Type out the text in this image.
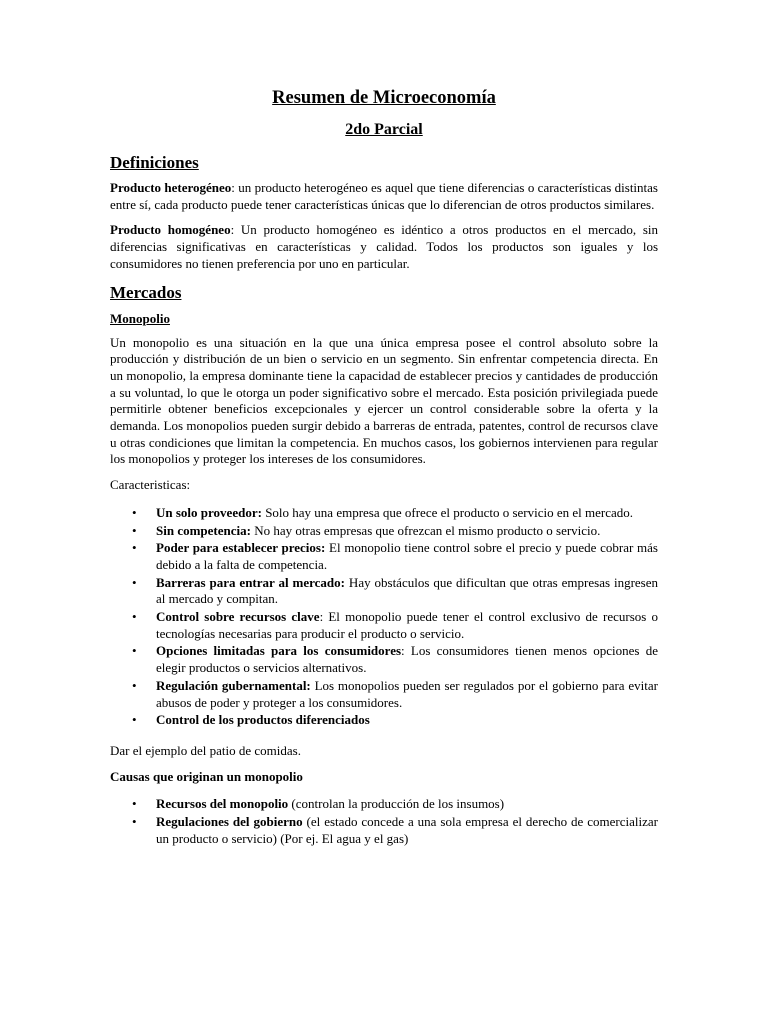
Resumen de Microeconomía
2do Parcial
Definiciones

Producto heterogéneo: un producto heterogéneo es aquel que tiene diferencias o características distintas entre sí, cada producto puede tener características únicas que lo diferencian de otros productos similares.

Producto homogéneo: Un producto homogéneo es idéntico a otros productos en el mercado, sin diferencias significativas en características y calidad. Todos los productos son iguales y los consumidores no tienen preferencia por uno en particular.

Mercados
Monopolio

Un monopolio es una situación en la que una única empresa posee el control absoluto sobre la producción y distribución de un bien o servicio en un segmento. Sin enfrentar competencia directa. En un monopolio, la empresa dominante tiene la capacidad de establecer precios y cantidades de producción a su voluntad, lo que le otorga un poder significativo sobre el mercado. Esta posición privilegiada puede permitirle obtener beneficios excepcionales y ejercer un control considerable sobre la oferta y la demanda. Los monopolios pueden surgir debido a barreras de entrada, patentes, control de recursos clave u otras condiciones que limitan la competencia. En muchos casos, los gobiernos intervienen para regular los monopolios y proteger los intereses de los consumidores.

Caracteristicas:

• Un solo proveedor: Solo hay una empresa que ofrece el producto o servicio en el mercado.
• Sin competencia: No hay otras empresas que ofrezcan el mismo producto o servicio.
• Poder para establecer precios: El monopolio tiene control sobre el precio y puede cobrar más debido a la falta de competencia.
• Barreras para entrar al mercado: Hay obstáculos que dificultan que otras empresas ingresen al mercado y compitan.
• Control sobre recursos clave: El monopolio puede tener el control exclusivo de recursos o tecnologías necesarias para producir el producto o servicio.
• Opciones limitadas para los consumidores: Los consumidores tienen menos opciones de elegir productos o servicios alternativos.
• Regulación gubernamental: Los monopolios pueden ser regulados por el gobierno para evitar abusos de poder y proteger a los consumidores.
• Control de los productos diferenciados

Dar el ejemplo del patio de comidas.

Causas que originan un monopolio

• Recursos del monopolio (controlan la producción de los insumos)
• Regulaciones del gobierno (el estado concede a una sola empresa el derecho de comercializar un producto o servicio) (Por ej. El agua y el gas)
